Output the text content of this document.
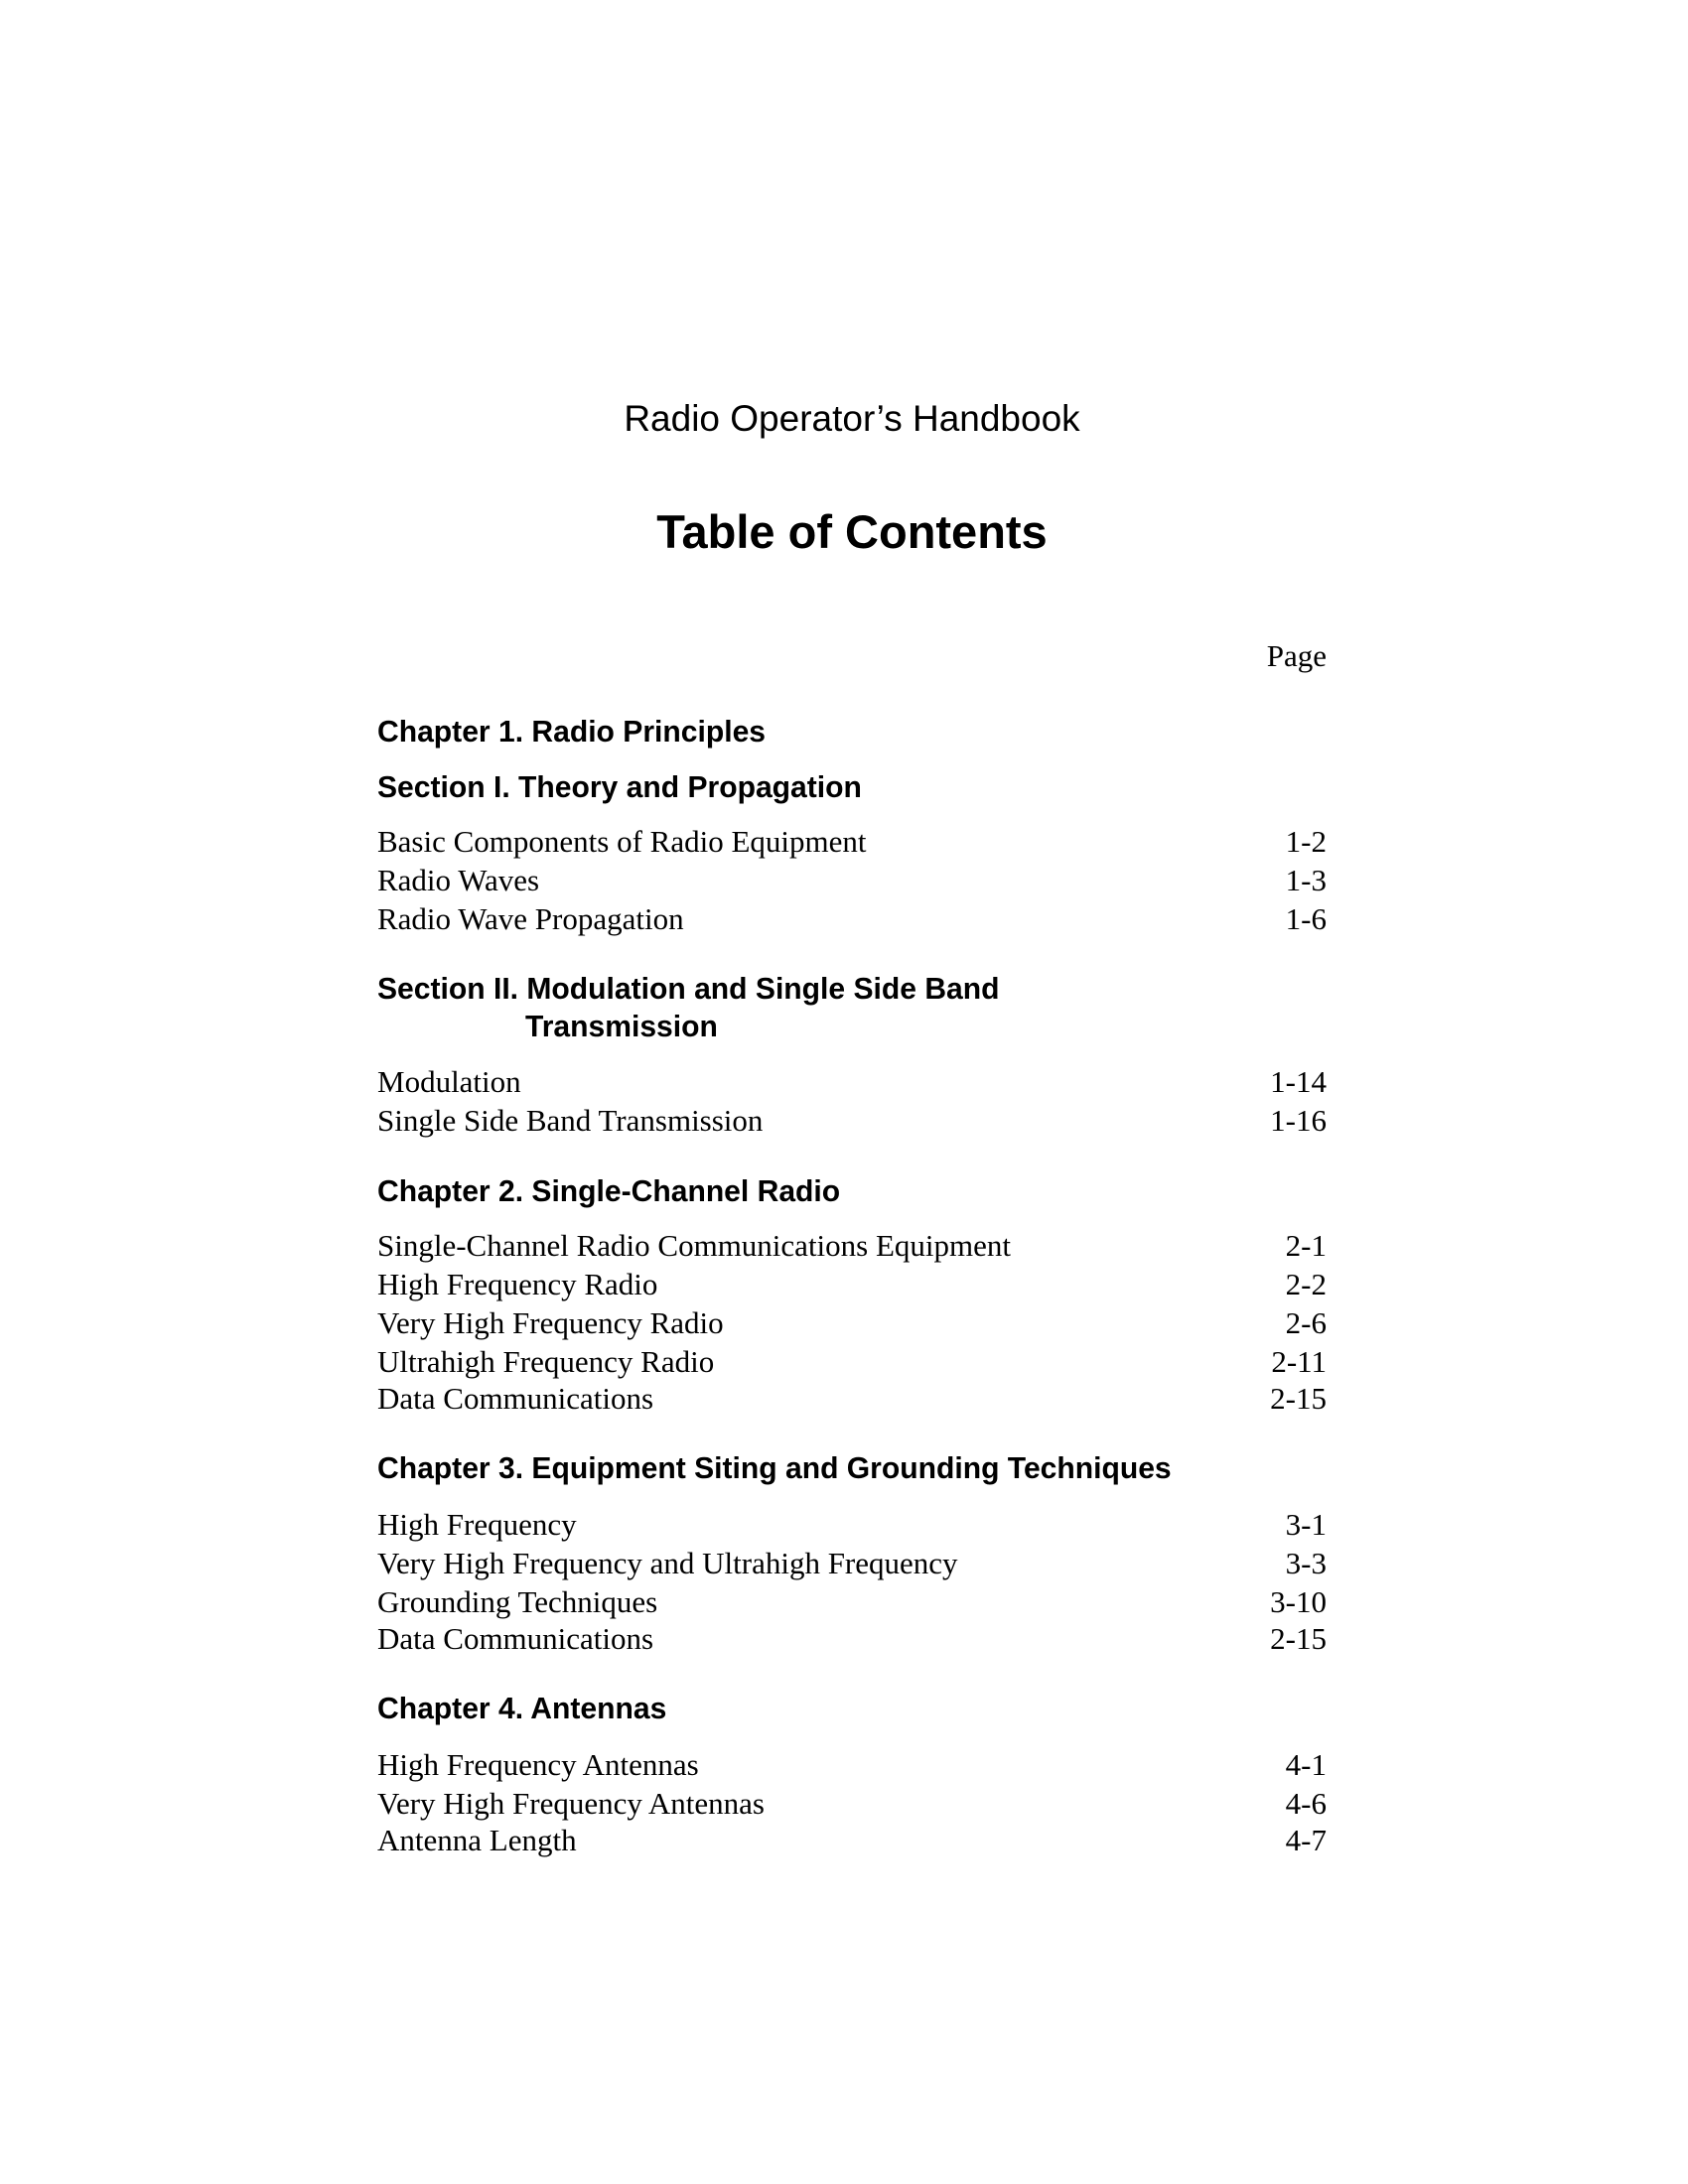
Radio Operator’s Handbook
Table of Contents
Page
Chapter 1. Radio Principles
Section I. Theory and Propagation
Basic Components of Radio Equipment	1-2
Radio Waves	1-3
Radio Wave Propagation	1-6
Section II. Modulation and Single Side Band
Transmission
Modulation	1-14
Single Side Band Transmission	1-16
Chapter 2. Single-Channel Radio
Single-Channel Radio Communications Equipment	2-1
High Frequency Radio	2-2
Very High Frequency Radio	2-6
Ultrahigh Frequency Radio	2-11
Data Communications	2-15
Chapter 3. Equipment Siting and Grounding Techniques
High Frequency	3-1
Very High Frequency and Ultrahigh Frequency	3-3
Grounding Techniques	3-10
Data Communications	2-15
Chapter 4. Antennas
High Frequency Antennas	4-1
Very High Frequency Antennas	4-6
Antenna Length	4-7
